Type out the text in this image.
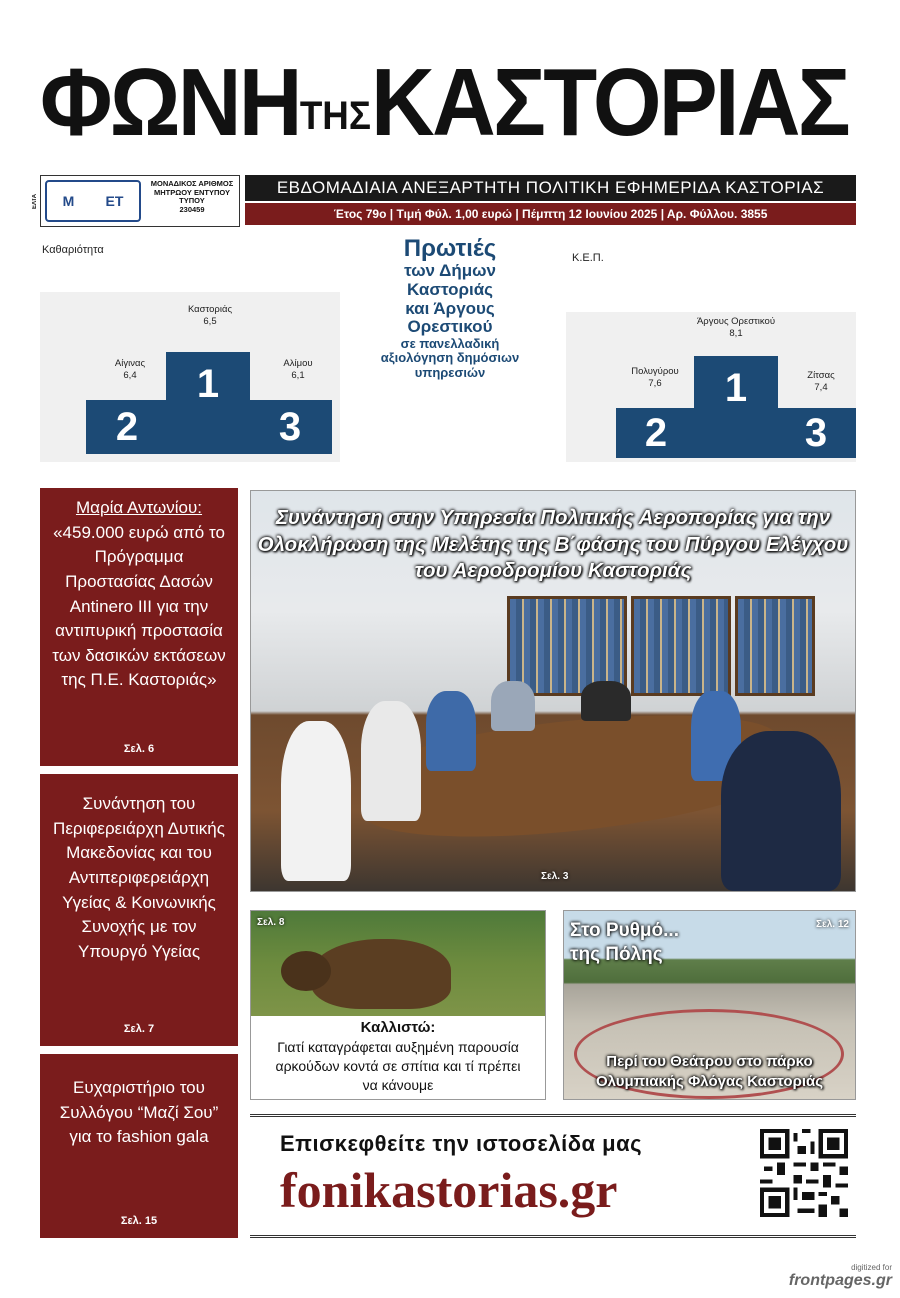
ΦΩΝΗΤΗΣΚΑΣΤΟΡΙΑΣ
ΕΛΤΑ	Μ ΕΤ
ΜΟΝΑΔΙΚΟΣ ΑΡΙΘΜΟΣ ΜΗΤΡΩΟΥ ΕΝΤΥΠΟΥ ΤΥΠΟΥ
230459
ΕΒΔΟΜΑΔΙΑΙΑ ΑΝΕΞΑΡΤΗΤΗ ΠΟΛΙΤΙΚΗ ΕΦΗΜΕΡΙΔΑ ΚΑΣΤΟΡΙΑΣ
Έτος 79ο | Τιμή Φύλ. 1,00 ευρώ | Πέμπτη 12 Ιουνίου 2025 | Αρ. Φύλλου. 3855
Καθαριότητα
Καστοριάς
6,5
Αίγινας
6,4
Αλίμου
6,1
1
2	3
Πρωτιές
των Δήμων
Καστοριάς
και Άργους
Ορεστικού
σε πανελλαδική
αξιολόγηση δημόσιων
υπηρεσιών
Κ.Ε.Π.
Άργους Ορεστικού
8,1
Πολυγύρου
7,6
Ζίτσας
7,4
1
2	3
Μαρία Αντωνίου:
«459.000 ευρώ από το Πρόγραμμα Προστασίας Δασών Antinero III για την αντιπυρική προστασία των δασικών εκτάσεων της Π.Ε. Καστοριάς»
Σελ. 6
Συνάντηση του Περιφερειάρχη Δυτικής Μακεδονίας και του Αντιπεριφερειάρχη Υγείας & Κοινωνικής Συνοχής με τον Υπουργό Υγείας
Σελ. 7
Ευχαριστήριο του Συλλόγου “Μαζί Σου” για το fashion gala
Σελ. 15
Συνάντηση στην Υπηρεσία Πολιτικής Αεροπορίας για την Ολοκλήρωση της Μελέτης της Β΄φάσης του Πύργου Ελέγχου του Αεροδρομίου Καστοριάς
Σελ. 3
Σελ. 8
Καλλιστώ:
Γιατί καταγράφεται αυξημένη παρουσία αρκούδων κοντά σε σπίτια και τί πρέπει να κάνουμε
Στο Ρυθμό...
της Πόλης
Σελ. 12
Περί του Θεάτρου στο πάρκο Ολυμπιακής Φλόγας Καστοριάς
Επισκεφθείτε την ιστοσελίδα μας
fonikastorias.gr
digitized for
frontpages.gr
